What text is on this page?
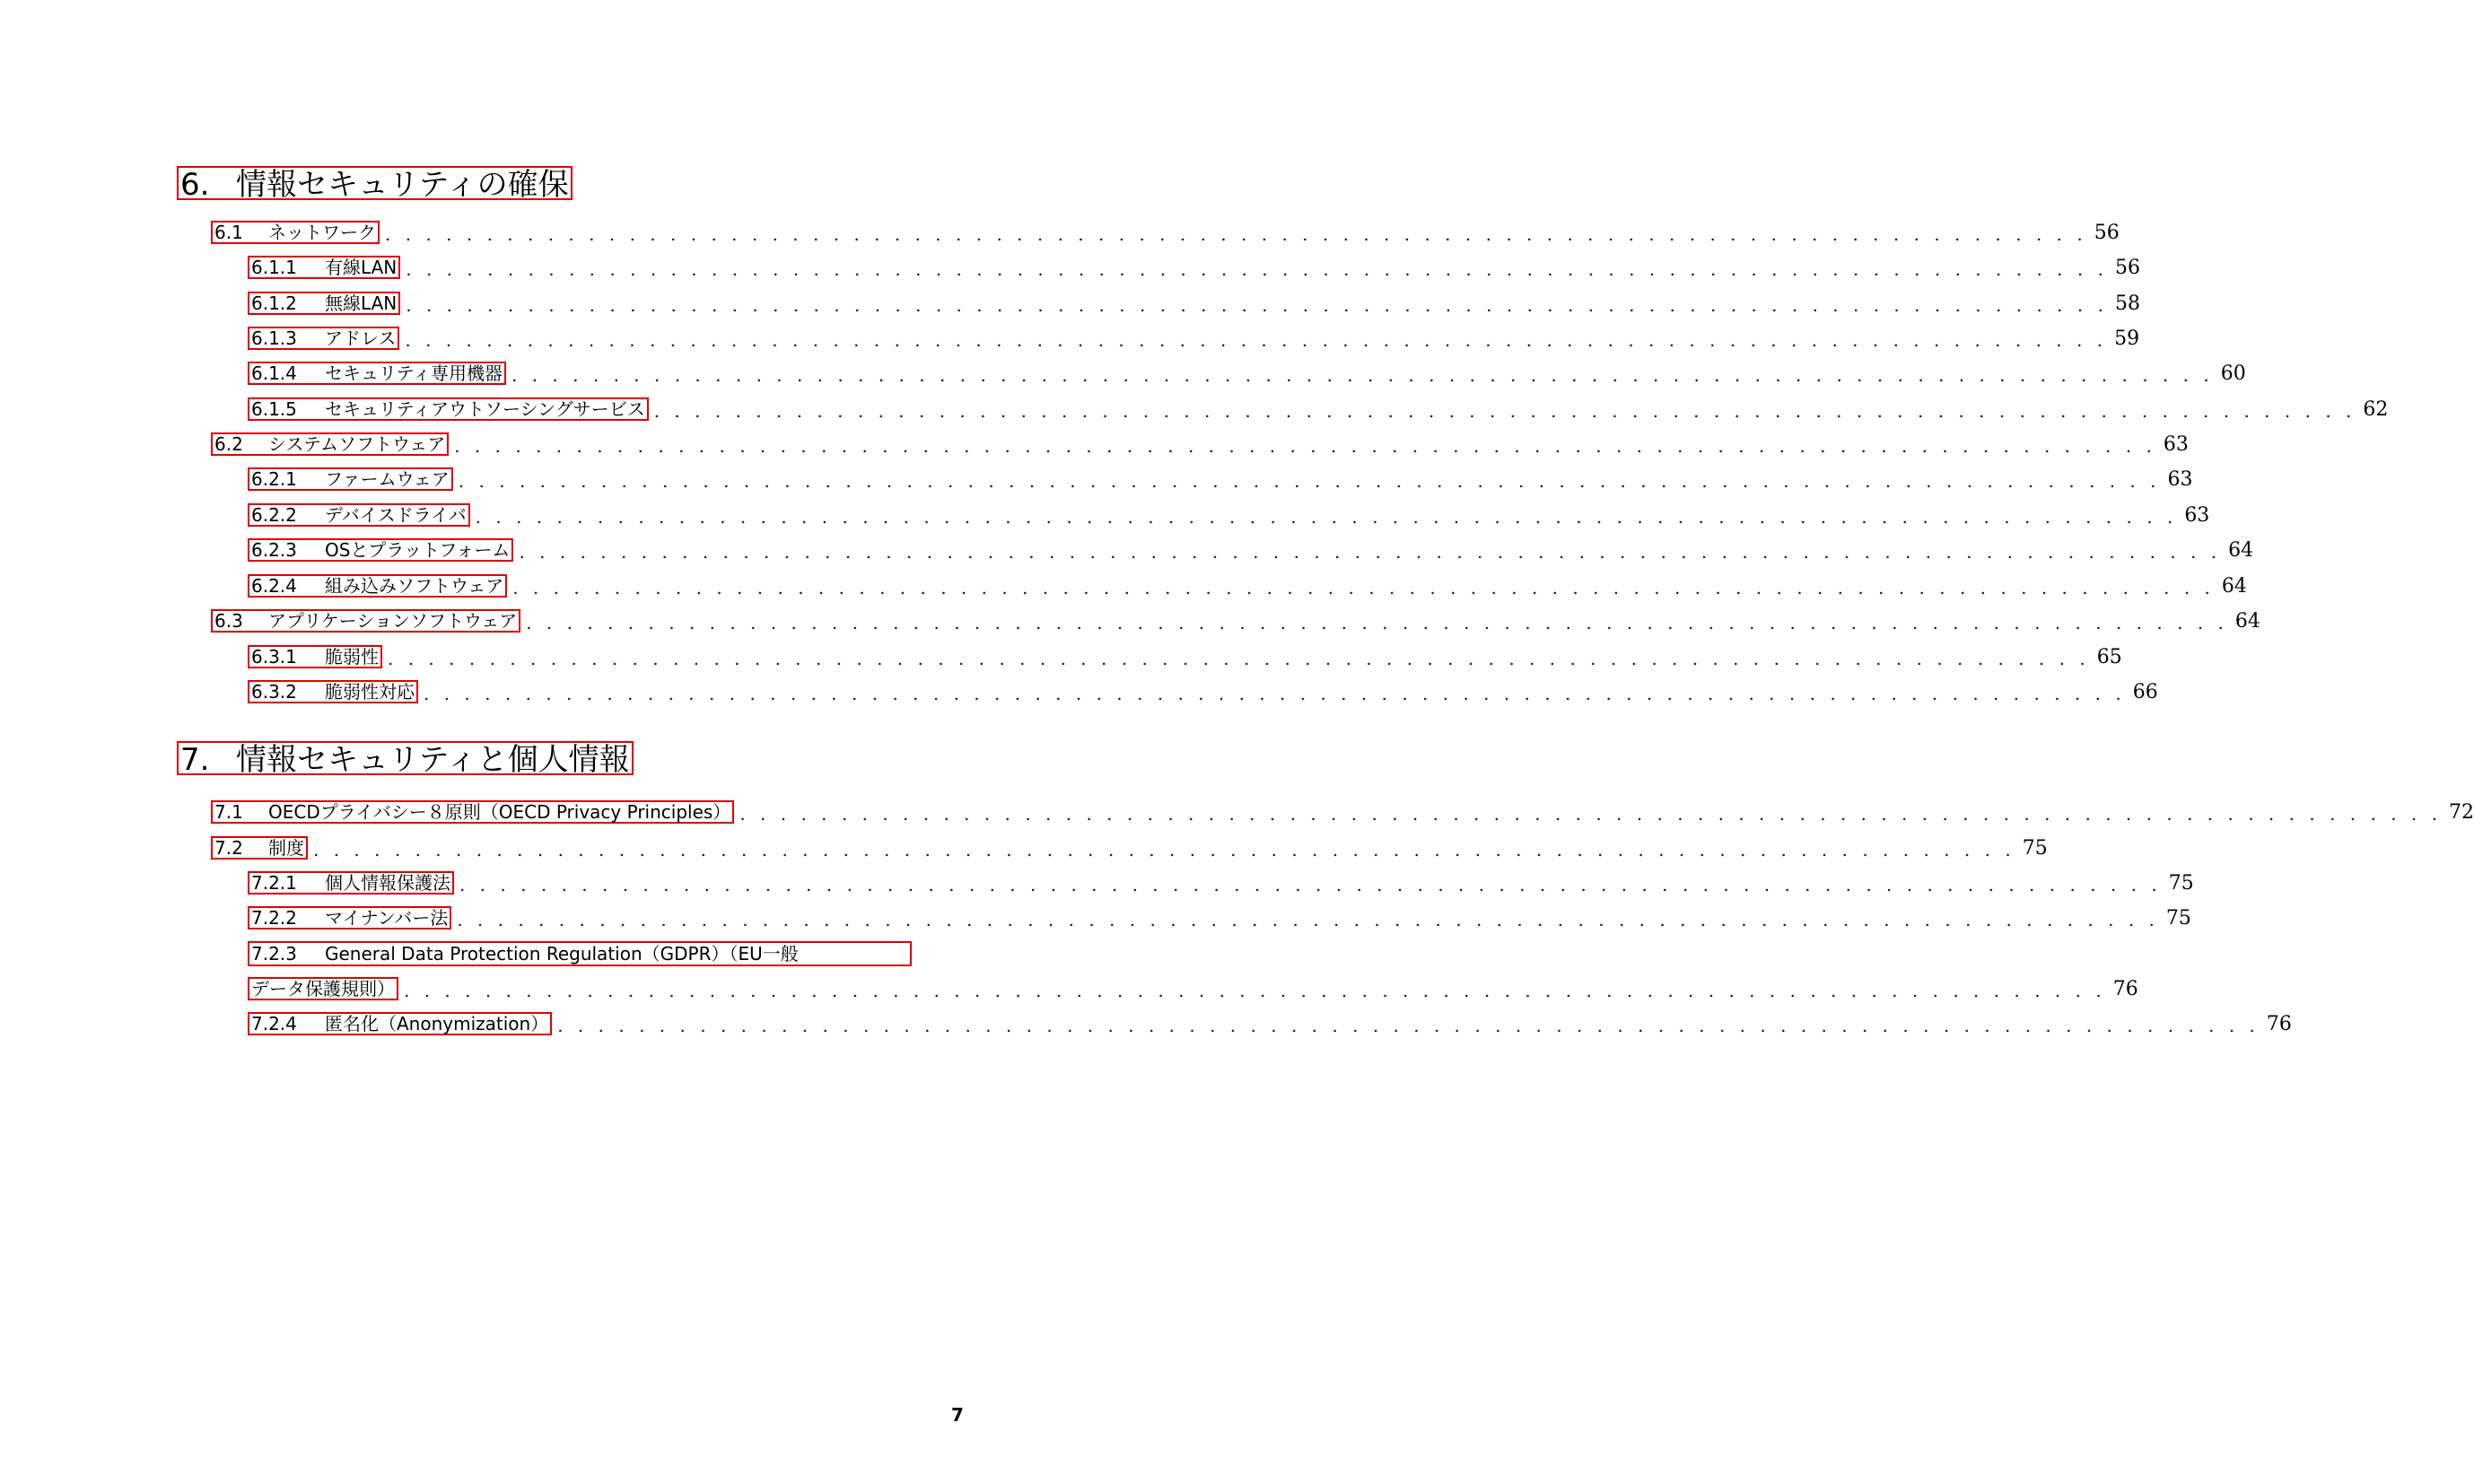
6. 情報セキュリティの確保
6.1 ネットワーク . . . . . . . . . . . . . . . . . . . . . . . . . . . . . . . . . . . . . . . . . . . . . . . . . . . . . . . . . . . . . . . . . . . . . . . . . . . . . . . . . . . . 56
6.1.1 有線LAN . . . . . . . . . . . . . . . . . . . . . . . . . . . . . . . . . . . . . . . . . . . . . . . . . . . . . . . . . . . . . . . . . . . . . . . . . . . . . . . . . . . . 56
6.1.2 無線LAN . . . . . . . . . . . . . . . . . . . . . . . . . . . . . . . . . . . . . . . . . . . . . . . . . . . . . . . . . . . . . . . . . . . . . . . . . . . . . . . . . . . . 58
6.1.3 アドレス . . . . . . . . . . . . . . . . . . . . . . . . . . . . . . . . . . . . . . . . . . . . . . . . . . . . . . . . . . . . . . . . . . . . . . . . . . . . . . . . . . . . 59
6.1.4 セキュリティ専用機器 . . . . . . . . . . . . . . . . . . . . . . . . . . . . . . . . . . . . . . . . . . . . . . . . . . . . . . . . . . . . . . . . . . . . . . . . . . . . . . . . . . . . 60
6.1.5 セキュリティアウトソーシングサービス . . . . . . . . . . . . . . . . . . . . . . . . . . . . . . . . . . . . . . . . . . . . . . . . . . . . . . . . . . . . . . . . . . . . . . . . . . . . . . . . . . . . 62
6.2 システムソフトウェア . . . . . . . . . . . . . . . . . . . . . . . . . . . . . . . . . . . . . . . . . . . . . . . . . . . . . . . . . . . . . . . . . . . . . . . . . . . . . . . . . . . . 63
6.2.1 ファームウェア . . . . . . . . . . . . . . . . . . . . . . . . . . . . . . . . . . . . . . . . . . . . . . . . . . . . . . . . . . . . . . . . . . . . . . . . . . . . . . . . . . . . 63
6.2.2 デバイスドライバ . . . . . . . . . . . . . . . . . . . . . . . . . . . . . . . . . . . . . . . . . . . . . . . . . . . . . . . . . . . . . . . . . . . . . . . . . . . . . . . . . . . . 63
6.2.3 OSとプラットフォーム . . . . . . . . . . . . . . . . . . . . . . . . . . . . . . . . . . . . . . . . . . . . . . . . . . . . . . . . . . . . . . . . . . . . . . . . . . . . . . . . . . . . 64
6.2.4 組み込みソフトウェア . . . . . . . . . . . . . . . . . . . . . . . . . . . . . . . . . . . . . . . . . . . . . . . . . . . . . . . . . . . . . . . . . . . . . . . . . . . . . . . . . . . . 64
6.3 アプリケーションソフトウェア . . . . . . . . . . . . . . . . . . . . . . . . . . . . . . . . . . . . . . . . . . . . . . . . . . . . . . . . . . . . . . . . . . . . . . . . . . . . . . . . . . . . 64
6.3.1 脆弱性 . . . . . . . . . . . . . . . . . . . . . . . . . . . . . . . . . . . . . . . . . . . . . . . . . . . . . . . . . . . . . . . . . . . . . . . . . . . . . . . . . . . . 65
6.3.2 脆弱性対応 . . . . . . . . . . . . . . . . . . . . . . . . . . . . . . . . . . . . . . . . . . . . . . . . . . . . . . . . . . . . . . . . . . . . . . . . . . . . . . . . . . . . 66
7. 情報セキュリティと個人情報
7.1 OECDプライバシー８原則（OECD Privacy Principles） . . . . . . . . . . . . . . . . . . . . . . . . . . . . . . . . . . . . . . . . . . . . . . . . . . . . . . . . . . . . . . . . . . . . . . . . . . . . . . . . . . . . 72
7.2 制度 . . . . . . . . . . . . . . . . . . . . . . . . . . . . . . . . . . . . . . . . . . . . . . . . . . . . . . . . . . . . . . . . . . . . . . . . . . . . . . . . . . . . 75
7.2.1 個人情報保護法 . . . . . . . . . . . . . . . . . . . . . . . . . . . . . . . . . . . . . . . . . . . . . . . . . . . . . . . . . . . . . . . . . . . . . . . . . . . . . . . . . . . . 75
7.2.2 マイナンバー法 . . . . . . . . . . . . . . . . . . . . . . . . . . . . . . . . . . . . . . . . . . . . . . . . . . . . . . . . . . . . . . . . . . . . . . . . . . . . . . . . . . . . 75
7.2.3 General Data Protection Regulation（GDPR）（EU一般
データ保護規則） . . . . . . . . . . . . . . . . . . . . . . . . . . . . . . . . . . . . . . . . . . . . . . . . . . . . . . . . . . . . . . . . . . . . . . . . . . . . . . . . . . . . 76
7.2.4 匿名化（Anonymization） . . . . . . . . . . . . . . . . . . . . . . . . . . . . . . . . . . . . . . . . . . . . . . . . . . . . . . . . . . . . . . . . . . . . . . . . . . . . . . . . . . . . 76
7
